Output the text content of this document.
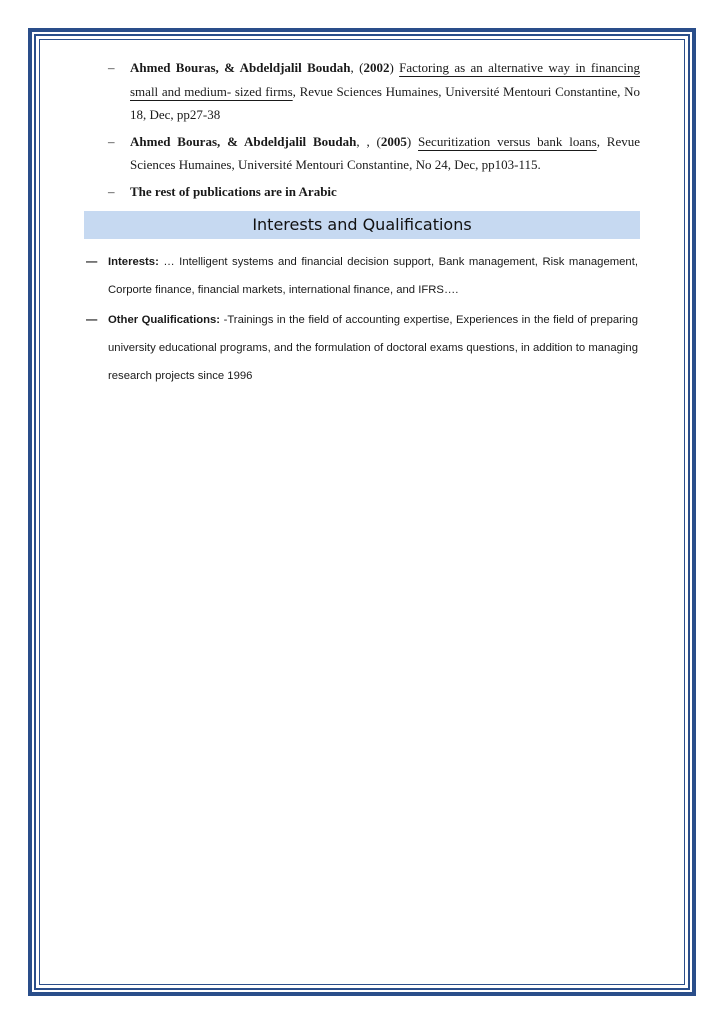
– Ahmed Bouras, & Abdeldjalil Boudah, (2002) Factoring as an alternative way in financing small and medium- sized firms, Revue Sciences Humaines, Université Mentouri Constantine, No 18, Dec, pp27-38
– Ahmed Bouras, & Abdeldjalil Boudah, , (2005) Securitization versus bank loans, Revue Sciences Humaines, Université Mentouri Constantine, No 24, Dec, pp103-115.
– The rest of publications are in Arabic
Interests and Qualifications
— Interests: … Intelligent systems and financial decision support, Bank management, Risk management, Corporte finance, financial markets, international finance, and IFRS….
— Other Qualifications: -Trainings in the field of accounting expertise, Experiences in the field of preparing university educational programs, and the formulation of doctoral exams questions, in addition to managing research projects since 1996
